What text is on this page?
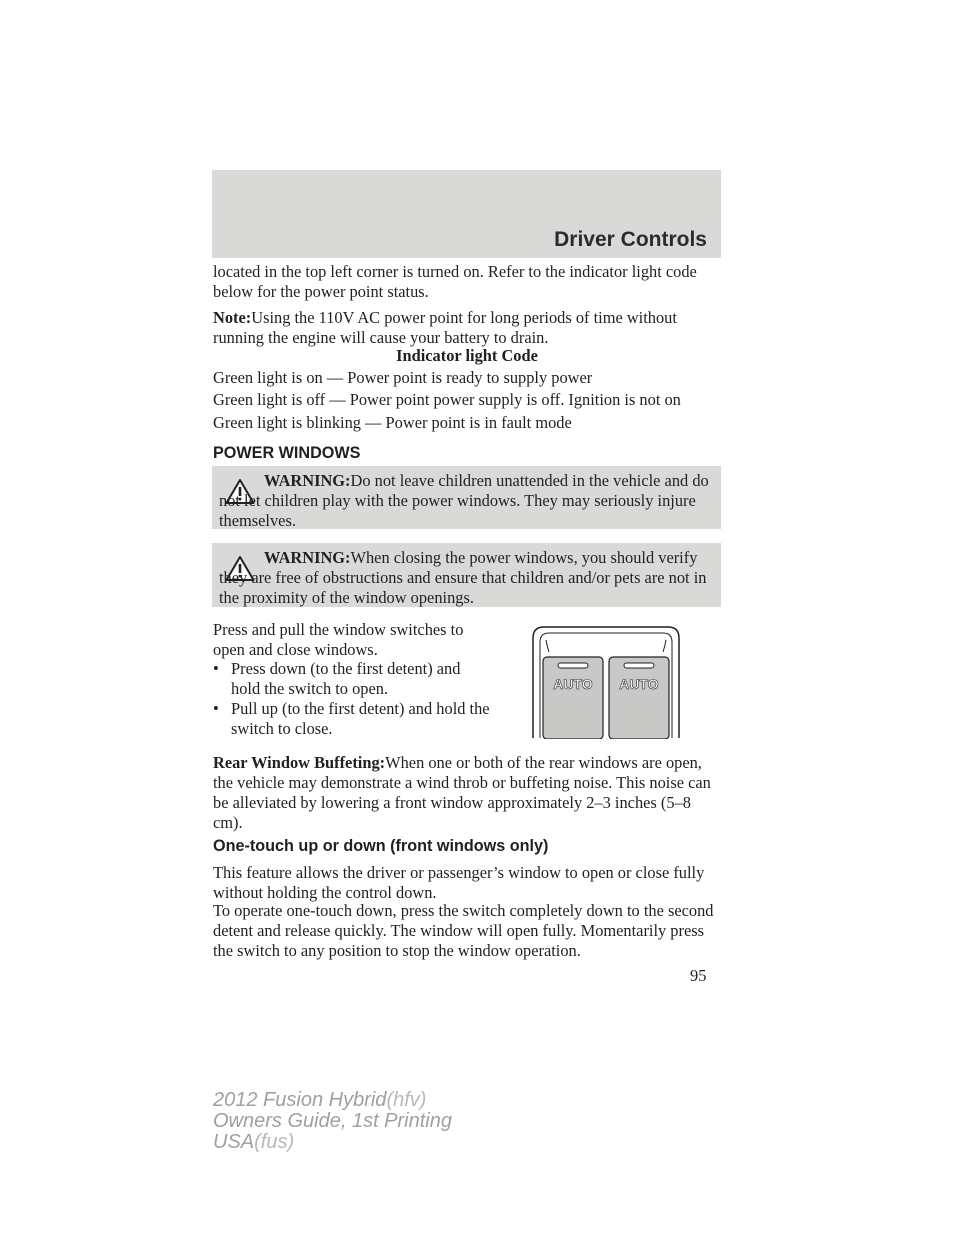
Driver Controls

located in the top left corner is turned on. Refer to the indicator light code below for the power point status.

Note:Using the 110V AC power point for long periods of time without running the engine will cause your battery to drain.

Indicator light Code

Green light is on — Power point is ready to supply power

Green light is off — Power point power supply is off. Ignition is not on

Green light is blinking — Power point is in fault mode

POWER WINDOWS

WARNING:Do not leave children unattended in the vehicle and do not let children play with the power windows. They may seriously injure themselves.

WARNING:When closing the power windows, you should verify they are free of obstructions and ensure that children and/or pets are not in the proximity of the window openings.

Press and pull the window switches to open and close windows.

• Press down (to the first detent) and hold the switch to open.
• Pull up (to the first detent) and hold the switch to close.
AUTO AUTO

Rear Window Buffeting:When one or both of the rear windows are open, the vehicle may demonstrate a wind throb or buffeting noise. This noise can be alleviated by lowering a front window approximately 2–3 inches (5–8 cm).

One-touch up or down (front windows only)

This feature allows the driver or passenger’s window to open or close fully without holding the control down.

To operate one-touch down, press the switch completely down to the second detent and release quickly. The window will open fully. Momentarily press the switch to any position to stop the window operation.

95
2012 Fusion Hybrid(hfv)
Owners Guide, 1st Printing
USA(fus)
